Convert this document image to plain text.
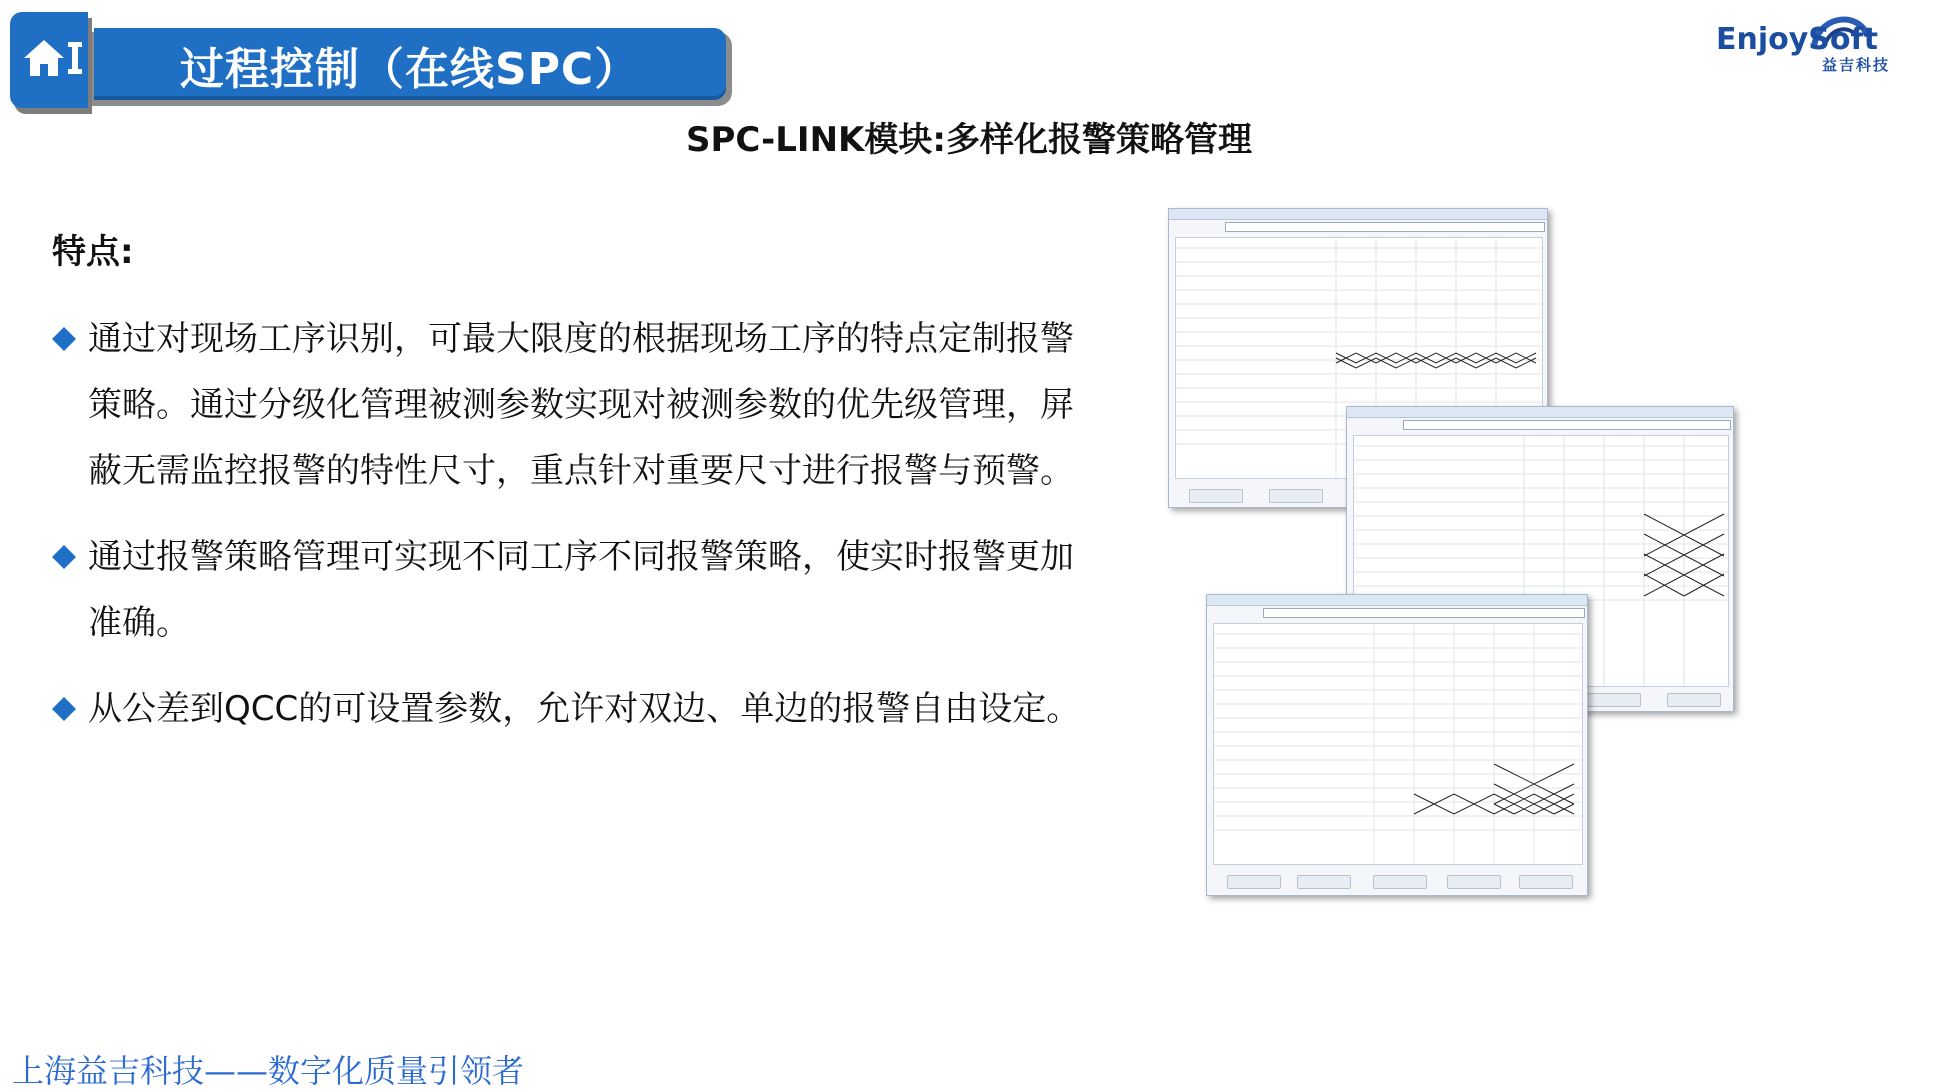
过程控制（在线SPC）
EnjoySoft
益吉科技
SPC-LINK模块:多样化报警策略管理
特点:
通过对现场工序识别，可最大限度的根据现场工序的特点定制报警策略。通过分级化管理被测参数实现对被测参数的优先级管理，屏蔽无需监控报警的特性尺寸，重点针对重要尺寸进行报警与预警。
通过报警策略管理可实现不同工序不同报警策略，使实时报警更加准确。
从公差到QCC的可设置参数，允许对双边、单边的报警自由设定。
上海益吉科技——数字化质量引领者
